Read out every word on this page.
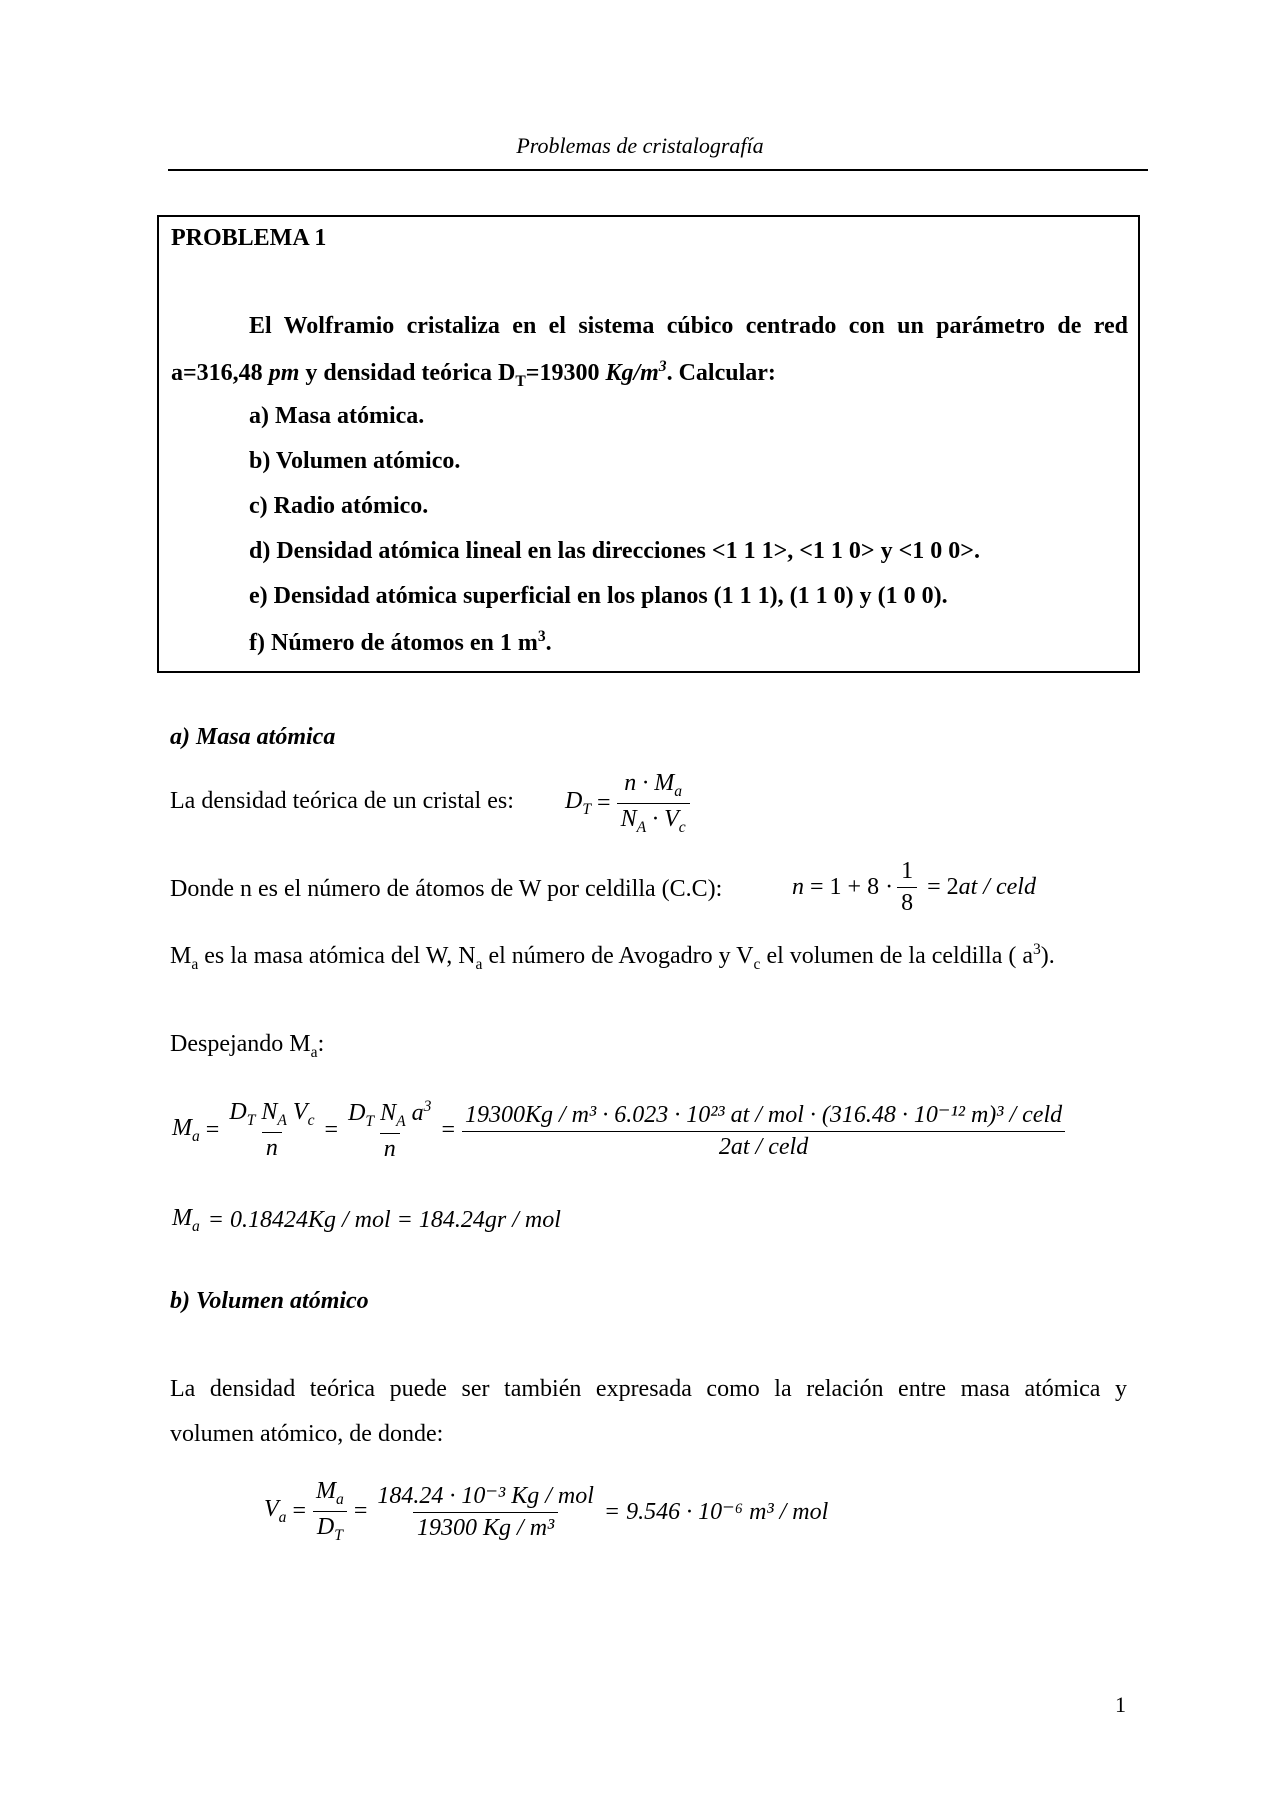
Problemas de cristalografía
PROBLEMA 1
El Wolframio cristaliza en el sistema cúbico centrado con un parámetro de red
a=316,48 pm y densidad teórica $D_T=19300$ $Kg/m^3$. Calcular:
a) Masa atómica.
b) Volumen atómico.
c) Radio atómico.
d) Densidad atómica lineal en las direcciones <1 1 1>, <1 1 0> y <1 0 0>.
e) Densidad atómica superficial en los planos (1 1 1), (1 1 0) y (1 0 0).
f) Número de átomos en 1 $m^3$.
a) Masa atómica
La densidad teórica de un cristal es: $D_T = \frac{n \cdot M_a}{N_A \cdot V_c}$
Donde n es el número de átomos de W por celdilla (C.C):	$n = 1 + 8 \cdot \frac{1}{8} = 2at$ / celd
$M_a$ es la masa atómica del W, $N_a$ el número de Avogadro y $V_c$ el volumen de la celdilla ( $a^3$).
Despejando $M_a$:
$M_a = \frac{D_T N_A V_c}{n} = \frac{D_T N_A a^3}{n}$ =
19300Kg / m³ · 6.023 · 10²³ at / mol · (316.48 · 10⁻¹² m)³ / celd
2at / celd
$M_a = 0.18424Kg$ / mol = 184.24gr / mol
b) Volumen atómico
La densidad teórica puede ser también expresada como la relación entre masa atómica y
volumen atómico, de donde:
$V_a = \frac{M_a}{D_T} = \frac{\text{184.24 · 10⁻³ Kg / mol}}{\text{19300 Kg / m³}} = 9.546 \cdot 10^{-6}$ m³ / mol
1
